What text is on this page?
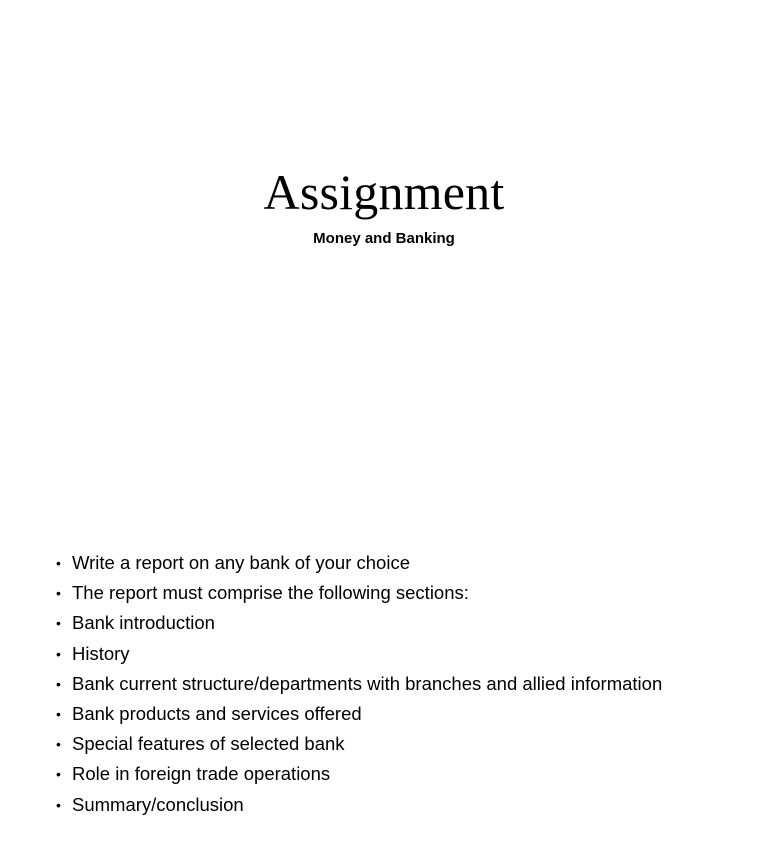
Assignment
Money and Banking
• Write a report on any bank of your choice
• The report must comprise the following sections:
• Bank introduction
• History
• Bank current structure/departments with branches and allied information
• Bank products and services offered
• Special features of selected bank
• Role in foreign trade operations
• Summary/conclusion
